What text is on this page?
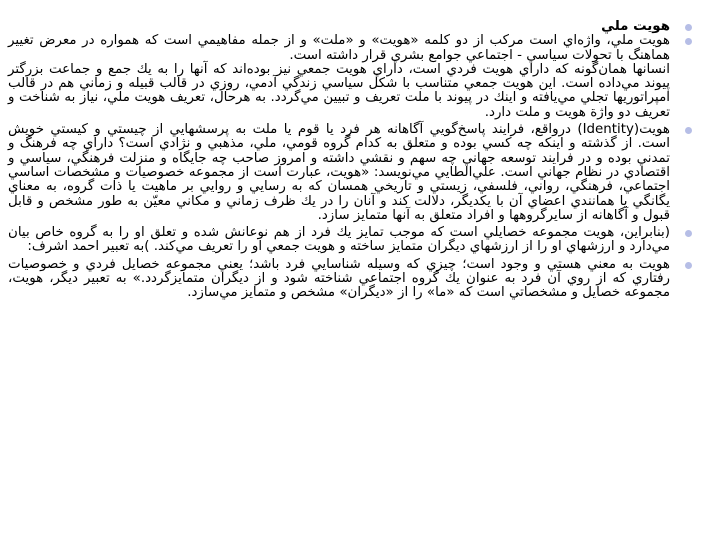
هويت ملي

هويت ملي، واژه‌اي است مركب از دو كلمه «هويت» و «ملت» و از جمله مفاهيمي است كه همواره در معرض تغيير هماهنگ با تحولات سياسي - اجتماعي جوامع بشري قرار داشته است.

انسانها همان‌گونه كه داراي هويت فردي است، داراي هويت جمعي نيز بوده‌اند كه آنها را به يك جمع و جماعت بزرگتر پيوند مي‌داده است. اين هويت جمعي متناسب با شكل سياسي زندگي آدمي، روزي در قالب قبيله و زماني هم در قالب امپراتوريها تجلي مي‌يافته و اينك در پيوند با ملت تعريف و تبيين مي‌گردد. به هرحال، تعريف هويت ملي، نياز به شناخت و تعريف دو واژة هويت و ملت دارد.

هويت(Identity) درواقع، فرايند پاسخ‌گويي آگاهانه هر فرد يا قوم يا ملت به پرسشهايي از چيستي و كيستي خويش است. از گذشته و اينكه چه كسي بوده و متعلق به كدام گروه قومي، ملي، مذهبي و نژادي است؟ داراي چه فرهنگ و تمدني بوده و در فرايند توسعه جهاني چه سهم و نقشي داشته و امروز صاحب چه جايگاه و منزلت فرهنگي، سياسي و اقتصادي در نظام جهاني است. علي‌الطايي مي‌نويسد: «هويت، عبارت است از مجموعه خصوصيات و مشخصات اساسي اجتماعي، فرهنگي، رواني، فلسفي، زيستي و تاريخي همسان كه به رسايي و روايي بر ماهيت يا ذات گروه، به معناي يگانگي يا همانندي اعضاي آن با يكديگر، دلالت كند و آنان را در يك ظرف زماني و مكاني معيّن به طور مشخص و قابل قبول و آگاهانه از سايرگروهها و افراد متعلق به آنها متمايز سازد.

(بنابراين، هويت مجموعه خصايلي است كه موجب تمايز يك فرد از هم نوعانش شده و تعلق او را به گروه خاص بيان مي‌دارد و ارزشهاي او را از ارزشهاي ديگران متمايز ساخته و هويت جمعي او را تعريف مي‌كند. )به تعبير احمد اشرف:

هويت به معني هستي و وجود است؛ چيزي كه وسيله شناسايي فرد باشد؛ يعني مجموعه خصايل فردي و خصوصيات رفتاري كه از روي آن فرد به عنوان يك گروه اجتماعي شناخته شود و از ديگران متمايزگردد.» به تعبير ديگر، هويت، مجموعه خصايل و مشخصاتي است كه «ما» را از «ديگران» مشخص و متمايز مي‌سازد.
